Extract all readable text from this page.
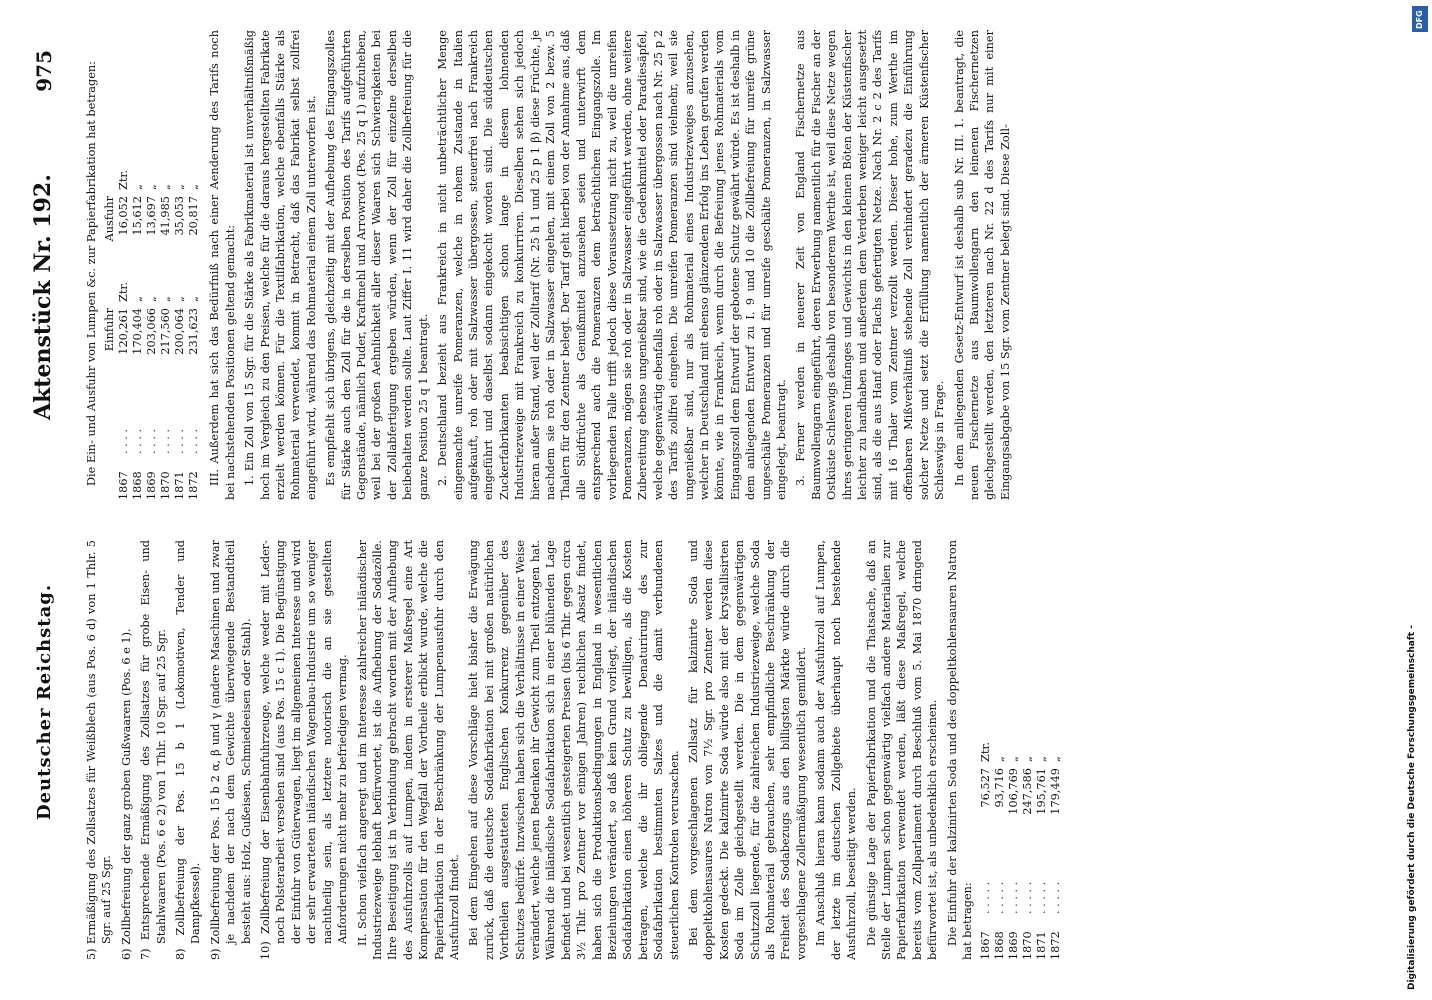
Deutscher Reichstag.
Aktenstück Nr. 192.
975

5) Ermäßigung des Zollsatzes für Weißblech (aus Pos. 6 d) von 1 Thlr. 5 Sgr. auf 25 Sgr. 6) Zollbefreiung der ganz groben Gußwaaren (Pos. 6 e 1). 7) Entsprechende Ermäßigung des Zollsatzes für grobe Eisen- und Stahlwaaren (Pos. 6 e 2) von 1 Thlr. 10 Sgr. auf 25 Sgr. 8) Zollbefreiung der Pos. 15 b 1 (Lokomotiven, Tender und Dampfkessel). 9) Zollbefreiung der Pos. 15 b 2 α, β und γ (andere Maschinen und zwar je nachdem der nach dem Gewichte überwiegende Bestandtheil besteht aus: Holz, Gußeisen, Schmiedeeisen oder Stahl). 10) Zollbefreiung der Eisenbahnfuhrzeuge, welche weder mit Leder- noch Polsterarbeit versehen sind (aus Pos. 15 c 1). Die Begünstigung der Einfuhr von Güterwagen, liegt im allgemeinen Interesse und wird der sehr erwarteten inländischen Wagenbau-Industrie um so weniger nachtheilig sein, als letztere notorisch die an sie gestellten Anforderungen nicht mehr zu befriedigen vermag. II. Schon vielfach angeregt und im Interesse zahlreicher inländischer Industriezweige lebhaft befürwortet, ist die Aufhebung der Sodazölle. Ihre Beseitigung ist in Verbindung gebracht worden mit der Aufhebung des Ausfuhrzolls auf Lumpen, indem in ersterer Maßregel eine Art Kompensation für den Wegfall der Vortheile erblickt wurde, welche die Papierfabrikation in der Beschränkung der Lumpenausfuhr durch den Ausfuhrzoll findet. Bei dem Eingehen auf diese Vorschläge hielt bisher die Erwägung zurück, daß die deutsche Sodafabrikation bei mit großen natürlichen Vortheilen ausgestatteten Englischen Konkurrenz gegenüber des Schutzes bedürfe. Inzwischen haben sich die Verhältnisse in einer Weise verändert, welche jenen Bedenken ihr Gewicht zum Theil entzogen hat. Während die inländische Sodafabrikation sich in einer blühenden Lage befindet und bei wesentlich gesteigerten Preisen (bis 6 Thlr. gegen circa 3½ Thlr. pro Zentner vor einigen Jahren) reichlichen Absatz findet, haben sich die Produktionsbedingungen in England in wesentlichen Beziehungen verändert, so daß kein Grund vorliegt, der inländischen Sodafabrikation einen höheren Schutz zu bewilligen, als die Kosten betragen, welche die ihr obliegende Denaturirung des zur Sodafabrikation bestimmten Salzes und die damit verbundenen steuerlichen Kontrolen verursachen. Bei dem vorgeschlagenen Zollsatz für kalzinirte Soda und doppeltkohlensaures Natron von 7½ Sgr. pro Zentner werden diese Kosten gedeckt. Die kalzinirte Soda würde also mit der krystallisirten Soda im Zolle gleichgestellt werden. Die in dem gegenwärtigen Schutzzoll liegende, für die zahlreichen Industriezweige, welche Soda als Rohmaterial gebrauchen, sehr empfindliche Beschränkung der Freiheit des Sodabezugs aus den billigsten Märkte würde durch die vorgeschlagene Zollermäßigung wesentlich gemildert. Im Anschluß hieran kann sodann auch der Ausfuhrzoll auf Lumpen, der letzte im deutschen Zollgebiete überhaupt noch bestehende Ausfuhrzoll, beseitigt werden. Die günstige Lage der Papierfabrikation und die Thatsache, daß an Stelle der Lumpen schon gegenwärtig vielfach andere Materialien zur Papierfabrikation verwendet werden, läßt diese Maßregel, welche bereits vom Zollparlament durch Beschluß vom 5. Mai 1870 dringend befürwortet ist, als unbedenklich erscheinen. Die Einfuhr der kalzinirten Soda und des doppeltkohlensauren Natron hat betragen: 1867	. . . . .	76,527	Ztr.
1868	. . . . .	93,716	„
1869	. . . . .	106,769	„
1870	. . . . .	247,586	„
1871	. . . . .	195,761	„
1872	. . . . .	179,449	„

Die Ein- und Ausfuhr von Lumpen &c. zur Papierfabrikation hat betragen:

		Einfuhr		Ausfuhr	
1867	. . . .	120,261	Ztr.	16,052	Ztr.
1868	. . . .	170,404	„	15,612	„
1869	. . . .	203,066	„	13,697	„
1870	. . . .	217,560	„	41,985	„
1871	. . . .	200,064	„	35,053	„
1872	. . . .	231,623	„	20,817	„ III. Außerdem hat sich das Bedürfniß nach einer Aenderung des Tarifs noch bei nachstehenden Positionen geltend gemacht: 1. Ein Zoll von 15 Sgr. für die Stärke als Fabrikmaterial ist unverhältnißmäßig hoch im Vergleich zu den Preisen, welche für die daraus hergestellten Fabrikate erzielt werden können. Für die Textilfabrikation, welche ebenfalls Stärke als Rohmaterial verwendet, kommt in Betracht, daß das Fabrikat selbst zollfrei eingeführt wird, während das Rohmaterial einem Zoll unterworfen ist. Es empfiehlt sich übrigens, gleichzeitig mit der Aufhebung des Eingangszolles für Stärke auch den Zoll für die in derselben Position des Tarifs aufgeführten Gegenstände, nämlich Puder, Kraftmehl und Arrowroot (Pos. 25 q 1) aufzuheben, weil bei der großen Aehnlichkeit aller dieser Waaren sich Schwierigkeiten bei der Zollabfertigung ergeben würden, wenn der Zoll für einzelne derselben beibehalten werden sollte. Laut Ziffer I. 11 wird daher die Zollbefreiung für die ganze Position 25 q 1 beantragt. 2. Deutschland bezieht aus Frankreich in nicht unbeträchtlicher Menge eingemachte unreife Pomeranzen, welche in rohem Zustande in Italien aufgekauft, roh oder mit Salzwasser übergossen, steuerfrei nach Frankreich eingeführt und daselbst sodann eingekocht worden sind. Die süddeutschen Zuckerfabrikanten beabsichtigen schon lange in diesem lohnenden Industriezweige mit Frankreich zu konkurriren. Dieselben sehen sich jedoch hieran außer Stand, weil der Zolltarif (Nr. 25 h 1 und 25 p 1 β) diese Früchte, je nachdem sie roh oder in Salzwasser eingehen, mit einem Zoll von 2 bezw. 5 Thalern für den Zentner belegt. Der Tarif geht hierbei von der Annahme aus, daß alle Südfrüchte als Genußmittel anzusehen seien und unterwirft dem entsprechend auch die Pomeranzen dem beträchtlichen Eingangszolle. Im vorliegenden Falle trifft jedoch diese Voraussetzung nicht zu, weil die unreifen Pomeranzen, mögen sie roh oder in Salzwasser eingeführt werden, ohne weitere Zubereitung ebenso ungenießbar sind, wie die Gedenkmittel oder Paradiesäpfel, welche gegenwärtig ebenfalls roh oder in Salzwasser übergossen nach Nr. 25 p 2 des Tarifs zollfrei eingehen. Die unreifen Pomeranzen sind vielmehr, weil sie ungenießbar sind, nur als Rohmaterial eines Industriezweiges anzusehen, welcher in Deutschland mit ebenso glänzendem Erfolg ins Leben gerufen werden könnte, wie in Frankreich, wenn durch die Befreiung jenes Rohmaterials vom Eingangszoll dem Entwurf der gebotene Schutz gewährt würde. Es ist deshalb in dem anliegenden Entwurf zu I. 9 und 10 die Zollbefreiung für unreife grüne ungeschälte Pomeranzen und für unreife geschälte Pomeranzen, in Salzwasser eingelegt, beantragt. 3. Ferner werden in neuerer Zeit von England Fischernetze aus Baumwollengarn eingeführt, deren Erwerbung namentlich für die Fischer an der Ostküste Schleswigs deshalb von besonderem Werthe ist, weil diese Netze wegen ihres geringeren Umfanges und Gewichts in den kleinen Böten der Küstenfischer leichter zu handhaben und außerdem dem Verderben weniger leicht ausgesetzt sind, als die aus Hanf oder Flachs gefertigten Netze. Nach Nr. 2 c 2 des Tarifs mit 16 Thaler vom Zentner verzollt werden. Dieser hohe, zum Werthe im offenbaren Mißverhältniß stehende Zoll verhindert geradezu die Einführung solcher Netze und setzt die Erfüllung namentlich der ärmeren Küstenfischer Schleswigs in Frage. In dem anliegenden Gesetz-Entwurf ist deshalb sub Nr. III. 1. beantragt, die neuen Fischernetze aus Baumwollengarn den leinenen Fischernetzen gleichgestellt werden, den letzteren nach Nr. 22 d des Tarifs nur mit einer Eingangsabgabe von 15 Sgr. vom Zentner belegt sind. Diese Zoll-

Digitalisierung gefördert durch die Deutsche Forschungsgemeinschaft -
DFG
